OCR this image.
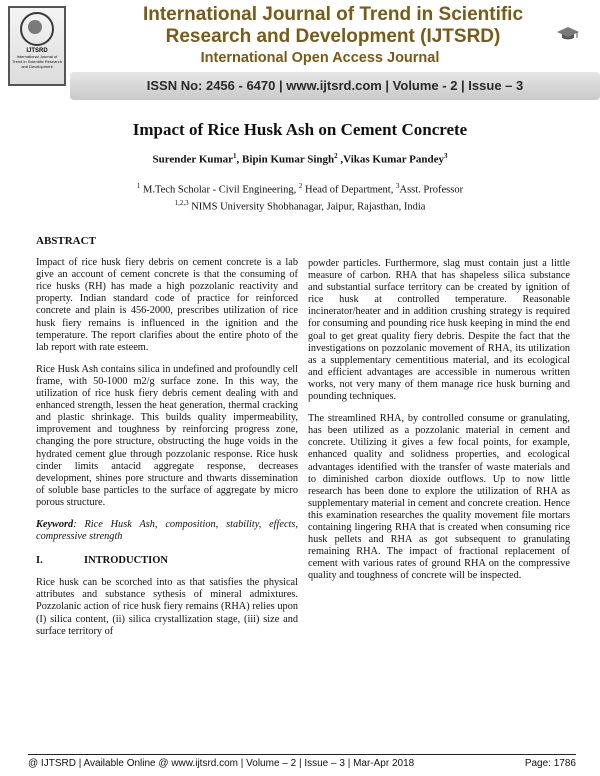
IJTSRD
International Journal of Trend in Scientific Research and Development
International Journal of Trend in Scientific
Research and Development (IJTSRD)
International Open Access Journal
ISSN No: 2456 - 6470 | www.ijtsrd.com | Volume - 2 | Issue – 3
Impact of Rice Husk Ash on Cement Concrete
Surender Kumar$^1$, Bipin Kumar Singh$^2$ ,Vikas Kumar Pandey$^3$
$^1$ M.Tech Scholar - Civil Engineering, $^2$ Head of Department, $^3$Asst. Professor
$^{1,2,3}$ NIMS University Shobhanagar, Jaipur, Rajasthan, India

ABSTRACT

Impact of rice husk fiery debris on cement concrete is a lab give an account of cement concrete is that the consuming of rice husks (RH) has made a high pozzolanic reactivity and property. Indian standard code of practice for reinforced concrete and plain is 456-2000, prescribes utilization of rice husk fiery remains is influenced in the ignition and the temperature. The report clarifies about the entire photo of the lab report with rate esteem.

Rice Husk Ash contains silica in undefined and profoundly cell frame, with 50-1000 m2/g surface zone. In this way, the utilization of rice husk fiery debris cement dealing with and enhanced strength, lessen the heat generation, thermal cracking and plastic shrinkage. This builds quality impermeability, improvement and toughness by reinforcing progress zone, changing the pore structure, obstructing the huge voids in the hydrated cement glue through pozzolanic response. Rice husk cinder limits antacid aggregate response, decreases development, shines pore structure and thwarts dissemination of soluble base particles to the surface of aggregate by micro porous structure.

Keyword: Rice Husk Ash, composition, stability, effects, compressive strength

I.	INTRODUCTION

Rice husk can be scorched into as that satisfies the physical attributes and substance sythesis of mineral admixtures. Pozzolanic action of rice husk fiery remains (RHA) relies upon (I) silica content, (ii) silica crystallization stage, (iii) size and surface territory of

powder particles. Furthermore, slag must contain just a little measure of carbon. RHA that has shapeless silica substance and substantial surface territory can be created by ignition of rice husk at controlled temperature. Reasonable incinerator/heater and in addition crushing strategy is required for consuming and pounding rice husk keeping in mind the end goal to get great quality fiery debris. Despite the fact that the investigations on pozzolanic movement of RHA, its utilization as a supplementary cementitious material, and its ecological and efficient advantages are accessible in numerous written works, not very many of them manage rice husk burning and pounding techniques.

The streamlined RHA, by controlled consume or granulating, has been utilized as a pozzolanic material in cement and concrete. Utilizing it gives a few focal points, for example, enhanced quality and solidness properties, and ecological advantages identified with the transfer of waste materials and to diminished carbon dioxide outflows. Up to now little research has been done to explore the utilization of RHA as supplementary material in cement and concrete creation. Hence this examination researches the quality movement file mortars containing lingering RHA that is created when consuming rice husk pellets and RHA as got subsequent to granulating remaining RHA. The impact of fractional replacement of cement with various rates of ground RHA on the compressive quality and toughness of concrete will be inspected.

@ IJTSRD | Available Online @ www.ijtsrd.com | Volume – 2 | Issue – 3 | Mar-Apr 2018	Page: 1786
